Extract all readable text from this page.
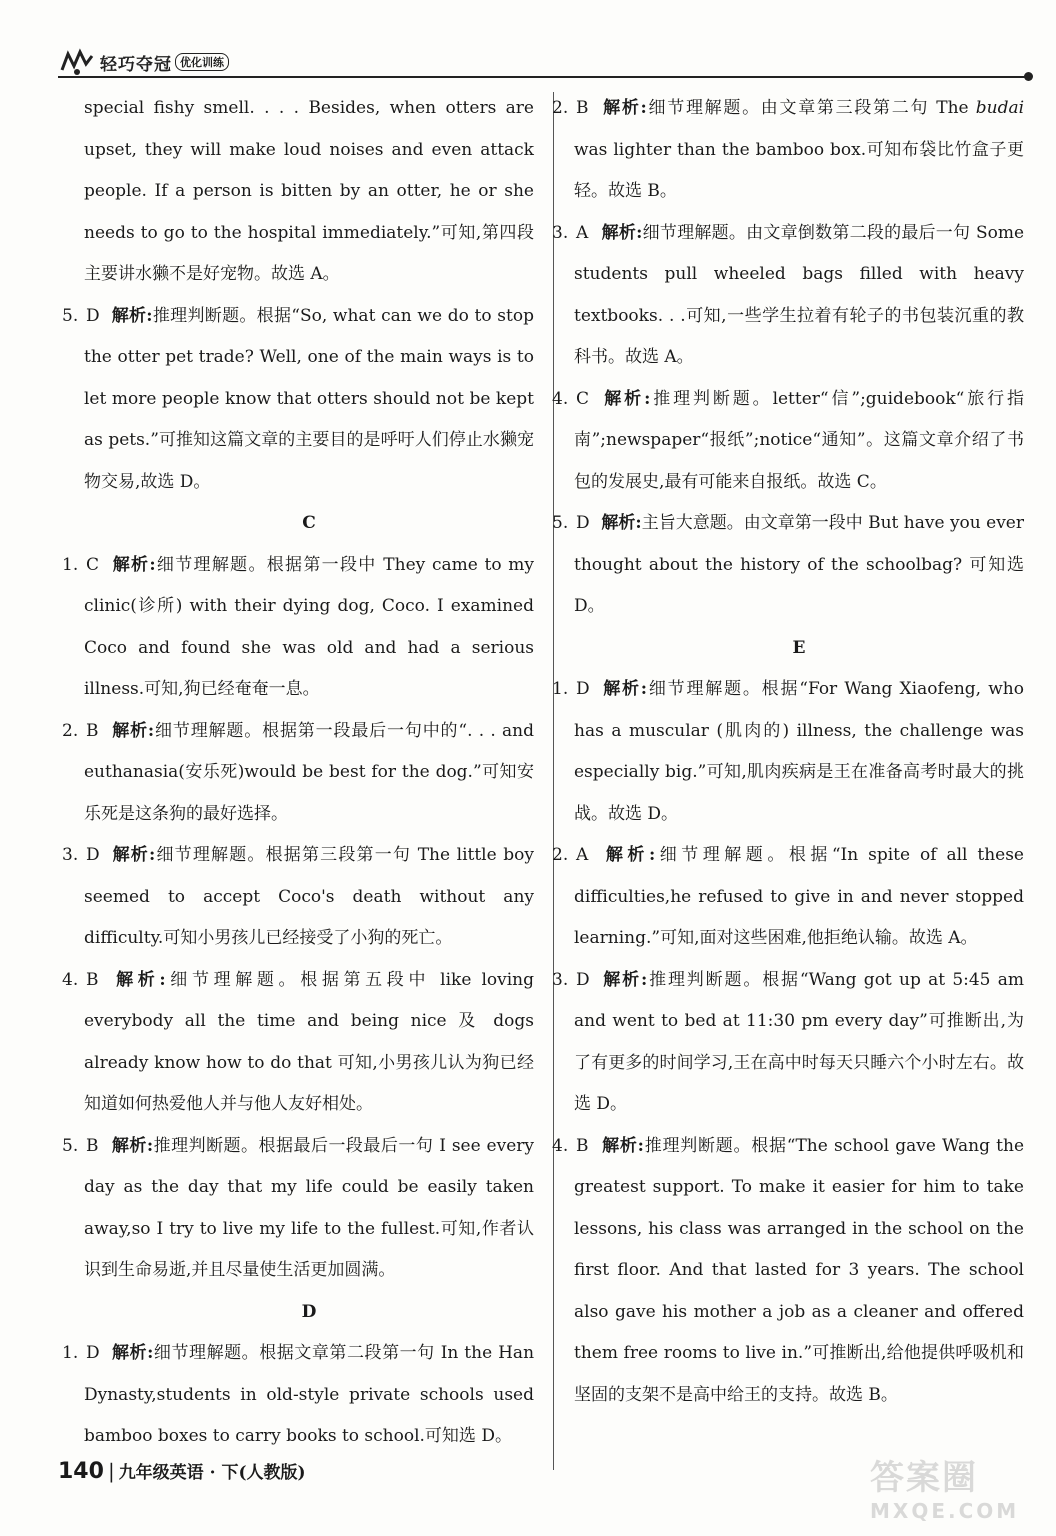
轻巧夺冠 优化训练

special fishy smell. . . . Besides, when otters are upset, they will make loud noises and even attack people. If a person is bitten by an otter, he or she needs to go to the hospital immediately.”可知,第四段主要讲水獭不是好宠物。故选 A。

5. D 解析:推理判断题。根据“So, what can we do to stop the otter pet trade? Well, one of the main ways is to let more people know that otters should not be kept as pets.”可推知这篇文章的主要目的是呼吁人们停止水獭宠物交易,故选 D。

C

1. C 解析:细节理解题。根据第一段中 They came to my clinic(诊所) with their dying dog, Coco. I examined Coco and found she was old and had a serious illness.可知,狗已经奄奄一息。

2. B 解析:细节理解题。根据第一段最后一句中的“. . . and euthanasia(安乐死)would be best for the dog.”可知安乐死是这条狗的最好选择。

3. D 解析:细节理解题。根据第三段第一句 The little boy seemed to accept Coco's death without any difficulty.可知小男孩儿已经接受了小狗的死亡。

4. B 解析:细节理解题。根据第五段中 like loving everybody all the time and being nice 及 dogs already know how to do that 可知,小男孩儿认为狗已经知道如何热爱他人并与他人友好相处。

5. B 解析:推理判断题。根据最后一段最后一句 I see every day as the day that my life could be easily taken away,so I try to live my life to the fullest.可知,作者认识到生命易逝,并且尽量使生活更加圆满。

D

1. D 解析:细节理解题。根据文章第二段第一句 In the Han Dynasty,students in old-style private schools used bamboo boxes to carry books to school.可知选 D。

2. B 解析:细节理解题。由文章第三段第二句 The budai was lighter than the bamboo box.可知布袋比竹盒子更轻。故选 B。

3. A 解析:细节理解题。由文章倒数第二段的最后一句 Some students pull wheeled bags filled with heavy textbooks. . .可知,一些学生拉着有轮子的书包装沉重的教科书。故选 A。

4. C 解析:推理判断题。letter“信”;guidebook“旅行指南”;newspaper“报纸”;notice“通知”。这篇文章介绍了书包的发展史,最有可能来自报纸。故选 C。

5. D 解析:主旨大意题。由文章第一段中 But have you ever thought about the history of the schoolbag? 可知选 D。

E

1. D 解析:细节理解题。根据“For Wang Xiaofeng, who has a muscular (肌肉的) illness, the challenge was especially big.”可知,肌肉疾病是王在准备高考时最大的挑战。故选 D。

2. A 解析:细节理解题。根据“In spite of all these difficulties,he refused to give in and never stopped learning.”可知,面对这些困难,他拒绝认输。故选 A。

3. D 解析:推理判断题。根据“Wang got up at 5:45 am and went to bed at 11:30 pm every day”可推断出,为了有更多的时间学习,王在高中时每天只睡六个小时左右。故选 D。

4. B 解析:推理判断题。根据“The school gave Wang the greatest support. To make it easier for him to take lessons, his class was arranged in the school on the first floor. And that lasted for 3 years. The school also gave his mother a job as a cleaner and offered them free rooms to live in.”可推断出,给他提供呼吸机和坚固的支架不是高中给王的支持。故选 B。

140 | 九年级英语 · 下(人教版)	答案圈
MXQE.COM
